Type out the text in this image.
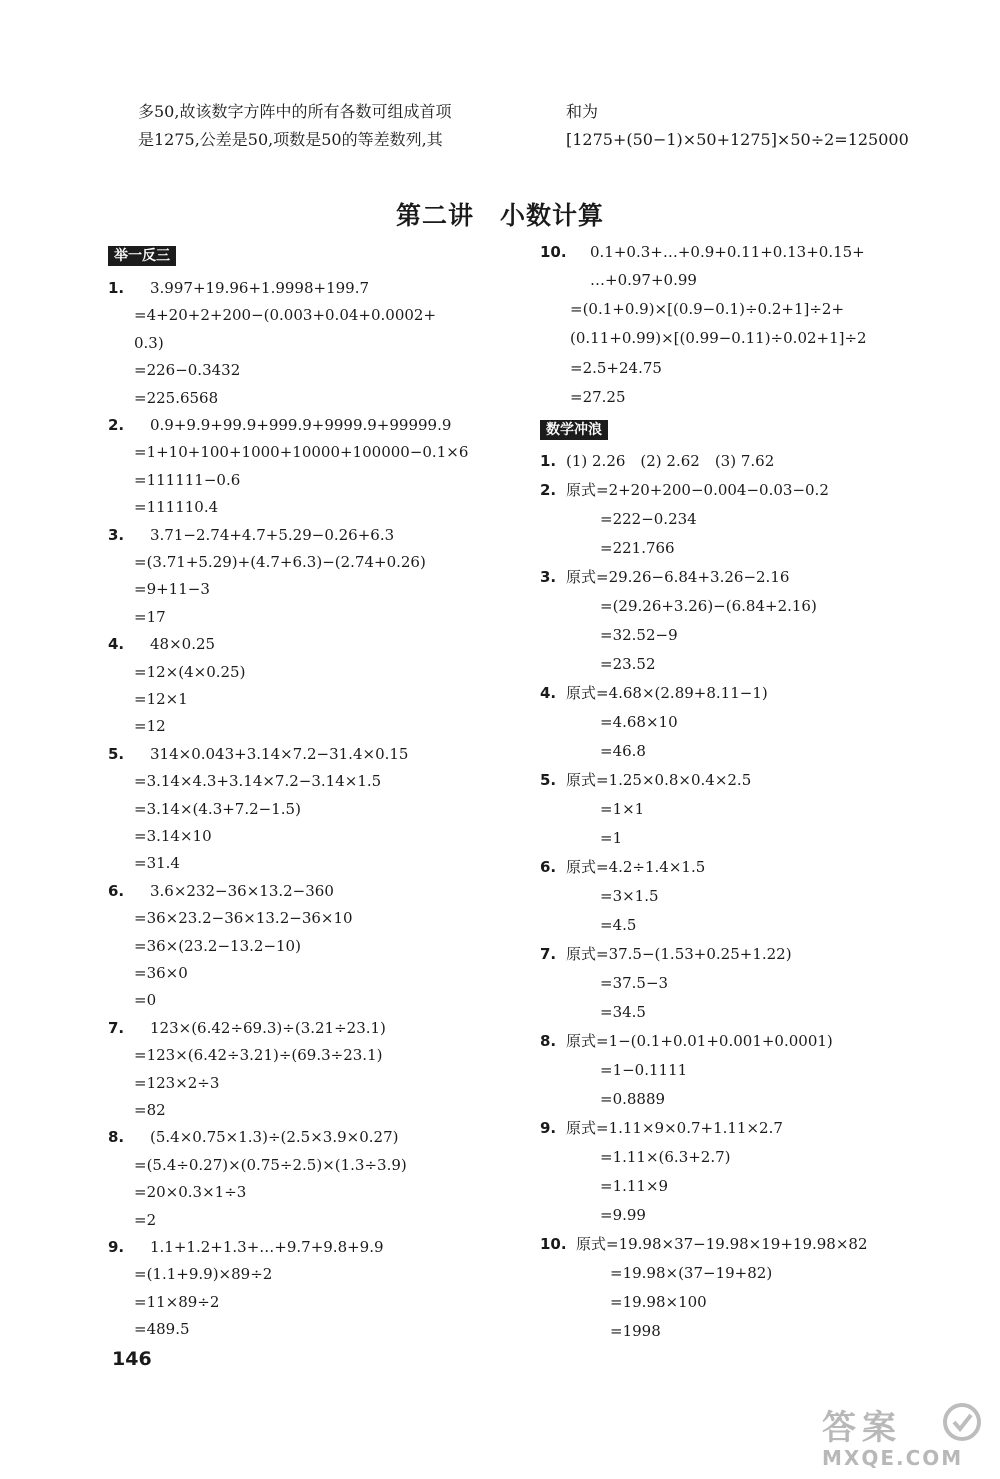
多50,故该数字方阵中的所有各数可组成首项
是1275,公差是50,项数是50的等差数列,其
和为
[1275+(50−1)×50+1275]×50÷2=125000
第二讲　小数计算
举一反三
数学冲浪
1. 3.997+19.96+1.9998+199.7
=4+20+2+200−(0.003+0.04+0.0002+
0.3)
=226−0.3432
=225.6568
2. 0.9+9.9+99.9+999.9+9999.9+99999.9
=1+10+100+1000+10000+100000−0.1×6
=111111−0.6
=111110.4
3. 3.71−2.74+4.7+5.29−0.26+6.3
=(3.71+5.29)+(4.7+6.3)−(2.74+0.26)
=9+11−3
=17
4. 48×0.25
=12×(4×0.25)
=12×1
=12
5. 314×0.043+3.14×7.2−31.4×0.15
=3.14×4.3+3.14×7.2−3.14×1.5
=3.14×(4.3+7.2−1.5)
=3.14×10
=31.4
6. 3.6×232−36×13.2−360
=36×23.2−36×13.2−36×10
=36×(23.2−13.2−10)
=36×0
=0
7. 123×(6.42÷69.3)÷(3.21÷23.1)
=123×(6.42÷3.21)÷(69.3÷23.1)
=123×2÷3
=82
8. (5.4×0.75×1.3)÷(2.5×3.9×0.27)
=(5.4÷0.27)×(0.75÷2.5)×(1.3÷3.9)
=20×0.3×1÷3
=2
9. 1.1+1.2+1.3+…+9.7+9.8+9.9
=(1.1+9.9)×89÷2
=11×89÷2
=489.5
10. 0.1+0.3+…+0.9+0.11+0.13+0.15+
…+0.97+0.99
=(0.1+0.9)×[(0.9−0.1)÷0.2+1]÷2+
(0.11+0.99)×[(0.99−0.11)÷0.02+1]÷2
=2.5+24.75
=27.25
1. (1) 2.26　(2) 2.62　(3) 7.62
2. 原式=2+20+200−0.004−0.03−0.2
=222−0.234
=221.766
3. 原式=29.26−6.84+3.26−2.16
=(29.26+3.26)−(6.84+2.16)
=32.52−9
=23.52
4. 原式=4.68×(2.89+8.11−1)
=4.68×10
=46.8
5. 原式=1.25×0.8×0.4×2.5
=1×1
=1
6. 原式=4.2÷1.4×1.5
=3×1.5
=4.5
7. 原式=37.5−(1.53+0.25+1.22)
=37.5−3
=34.5
8. 原式=1−(0.1+0.01+0.001+0.0001)
=1−0.1111
=0.8889
9. 原式=1.11×9×0.7+1.11×2.7
=1.11×(6.3+2.7)
=1.11×9
=9.99
10. 原式=19.98×37−19.98×19+19.98×82
=19.98×(37−19+82)
=19.98×100
=1998
146
答案
MXQE.COM
